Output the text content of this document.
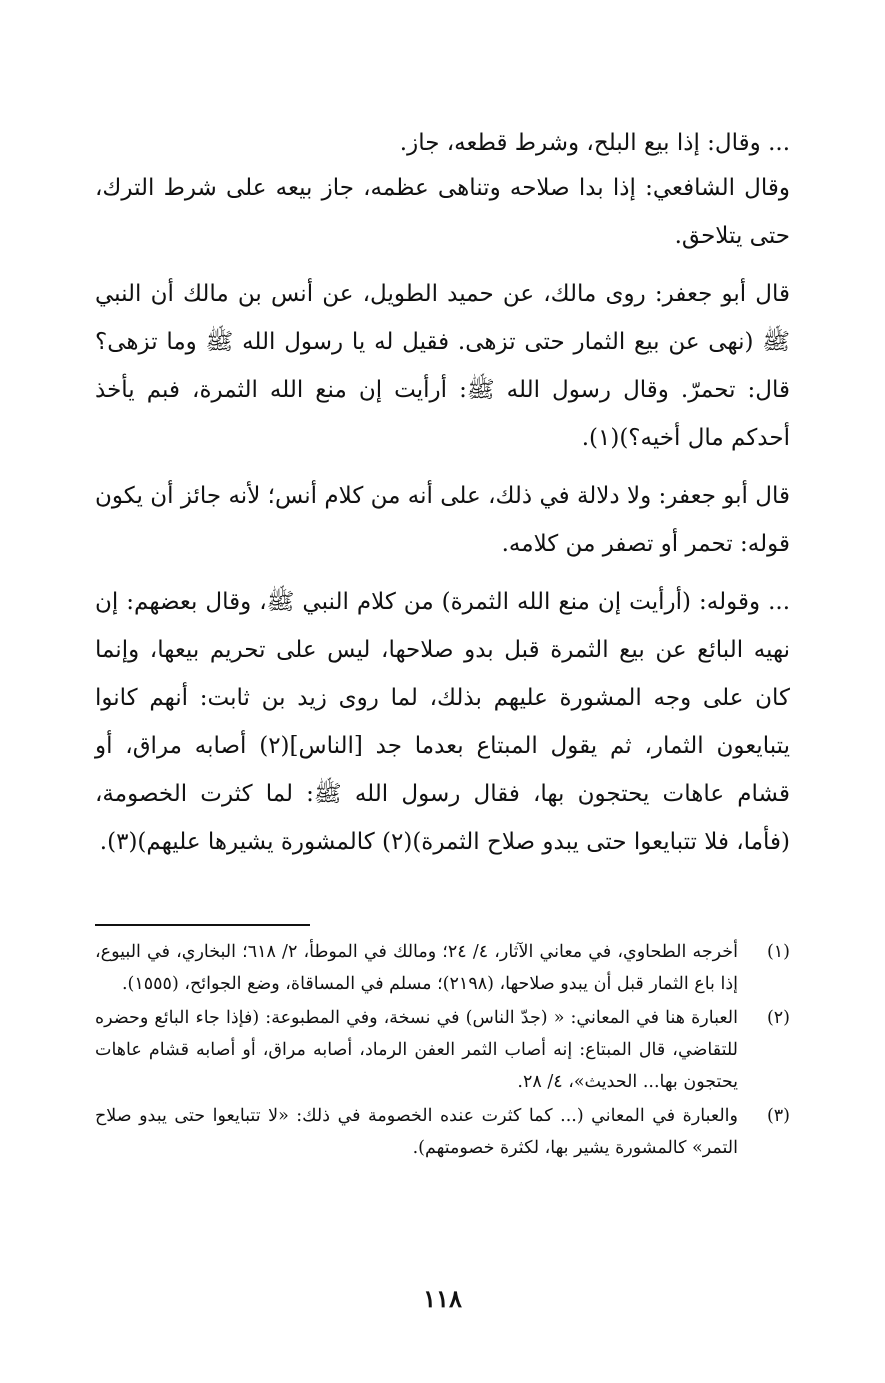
... وقال: إذا بيع البلح، وشرط قطعه، جاز.

وقال الشافعي: إذا بدا صلاحه وتناهى عظمه، جاز بيعه على شرط الترك، حتى يتلاحق.

قال أبو جعفر: روى مالك، عن حميد الطويل، عن أنس بن مالك أن النبي ﷺ (نهى عن بيع الثمار حتى تزهى. فقيل له يا رسول الله ﷺ وما تزهى؟ قال: تحمرّ. وقال رسول الله ﷺ: أرأيت إن منع الله الثمرة، فبم يأخذ أحدكم مال أخيه؟)(١).

قال أبو جعفر: ولا دلالة في ذلك، على أنه من كلام أنس؛ لأنه جائز أن يكون قوله: تحمر أو تصفر من كلامه.

... وقوله: (أرأيت إن منع الله الثمرة) من كلام النبي ﷺ، وقال بعضهم: إن نهيه البائع عن بيع الثمرة قبل بدو صلاحها، ليس على تحريم بيعها، وإنما كان على وجه المشورة عليهم بذلك، لما روى زيد بن ثابت: أنهم كانوا يتبايعون الثمار، ثم يقول المبتاع بعدما جد [الناس](٢) أصابه مراق، أو قشام عاهات يحتجون بها، فقال رسول الله ﷺ: لما كثرت الخصومة، (فأما، فلا تتبايعوا حتى يبدو صلاح الثمرة)(٢) كالمشورة يشيرها عليهم)(٣).

(١)
أخرجه الطحاوي، في معاني الآثار، ٤/ ٢٤؛ ومالك في الموطأ، ٢/ ٦١٨؛ البخاري، في البيوع، إذا باع الثمار قبل أن يبدو صلاحها، (٢١٩٨)؛ مسلم في المساقاة، وضع الجوائح، (١٥٥٥).
(٢)
العبارة هنا في المعاني: « (جدّ الناس) في نسخة، وفي المطبوعة: (فإذا جاء البائع وحضره للتقاضي، قال المبتاع: إنه أصاب الثمر العفن الرماد، أصابه مراق، أو أصابه قشام عاهات يحتجون بها... الحديث»، ٤/ ٢٨.
(٣)
والعبارة في المعاني (... كما كثرت عنده الخصومة في ذلك: «لا تتبايعوا حتى يبدو صلاح التمر» كالمشورة يشير بها، لكثرة خصومتهم).
١١٨
